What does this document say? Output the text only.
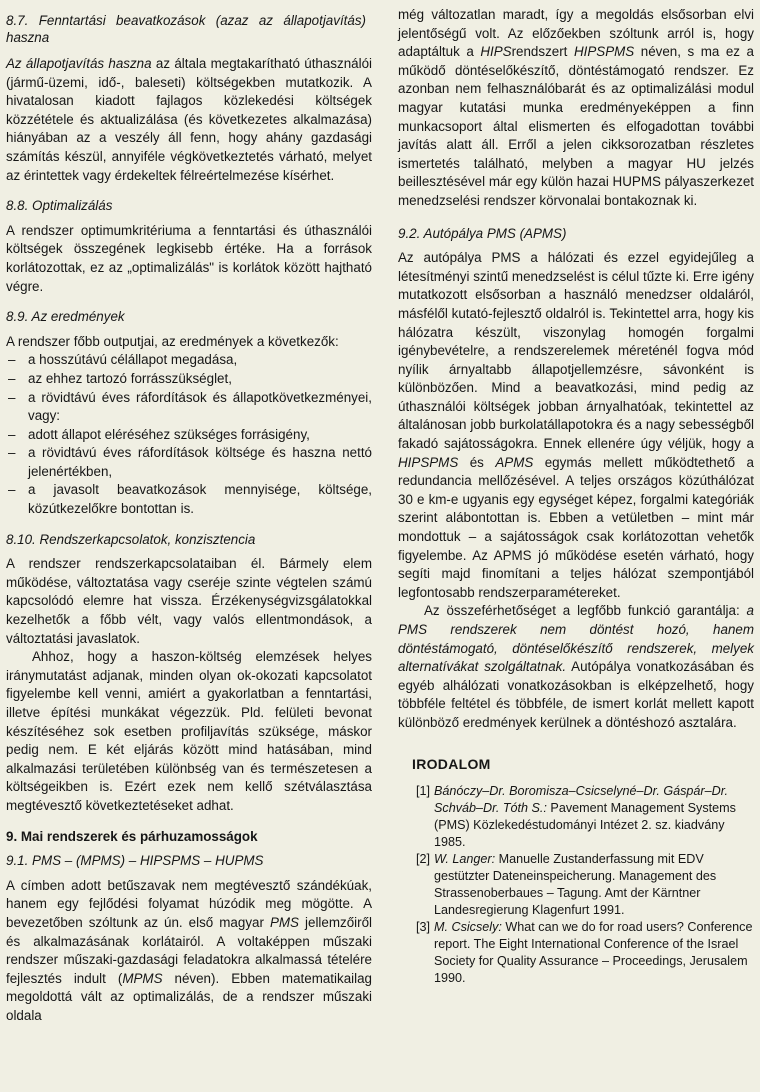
8.7. Fenntartási beavatkozások (azaz az állapotjavítás) haszna

Az állapotjavítás haszna az általa megtakarítható úthasználói (jármű-üzemi, idő-, baleseti) költségekben mutatkozik. A hivatalosan kiadott fajlagos közlekedési költségek közzététele és aktualizálása (és következetes alkalmazása) hiányában az a veszély áll fenn, hogy ahány gazdasági számítás készül, annyiféle végkövetkeztetés várható, melyet az érintettek vagy érdekeltek félreértelmezése kísérhet.

8.8. Optimalizálás

A rendszer optimumkritériuma a fenntartási és úthasználói költségek összegének legkisebb értéke. Ha a források korlátozottak, ez az „optimalizálás" is korlátok között hajtható végre.

8.9. Az eredmények

A rendszer főbb outputjai, az eredmények a következők:

– a hosszútávú célállapot megadása,
– az ehhez tartozó forrásszükséglet,
– a rövidtávú éves ráfordítások és állapotkövetkezményei, vagy:
– adott állapot eléréséhez szükséges forrásigény,
– a rövidtávú éves ráfordítások költsége és haszna nettó jelenértékben,
– a javasolt beavatkozások mennyisége, költsége, közútkezelőkre bontottan is.

8.10. Rendszerkapcsolatok, konzisztencia

A rendszer rendszerkapcsolataiban él. Bármely elem működése, változtatása vagy cseréje szinte végtelen számú kapcsolódó elemre hat vissza. Érzékenységvizsgálatokkal kezelhetők a főbb vélt, vagy valós ellentmondások, a változtatási javaslatok.

Ahhoz, hogy a haszon-költség elemzések helyes iránymutatást adjanak, minden olyan ok-okozati kapcsolatot figyelembe kell venni, amiért a gyakorlatban a fenntartási, illetve építési munkákat végezzük. Pld. felületi bevonat készítéséhez sok esetben profiljavítás szüksége, máskor pedig nem. E két eljárás között mind hatásában, mind alkalmazási területében különbség van és természetesen a költségeikben is. Ezért ezek nem kellő szétválasztása megtévesztő következtetéseket adhat.

9. Mai rendszerek és párhuzamosságok

9.1. PMS – (MPMS) – HIPSPMS – HUPMS

A címben adott betűszavak nem megtévesztő szándékúak, hanem egy fejlődési folyamat húzódik meg mögötte. A bevezetőben szóltunk az ún. első magyar PMS jellemzőiről és alkalmazásának korlátairól. A voltaképpen műszaki rendszer műszaki-gazdasági feladatokra alkalmassá tételére fejlesztés indult (MPMS néven). Ebben matematikailag megoldottá vált az optimalizálás, de a rendszer műszaki oldala

még változatlan maradt, így a megoldás elsősorban elvi jelentőségű volt. Az előzőekben szóltunk arról is, hogy adaptáltuk a HIPSrendszert HIPSPMS néven, s ma ez a működő döntéselőkészítő, döntéstámogató rendszer. Ez azonban nem felhasználóbarát és az optimalizálási modul magyar kutatási munka eredményeképpen a finn munkacsoport által elismerten és elfogadottan további javítás alatt áll. Erről a jelen cikksorozatban részletes ismertetés található, melyben a magyar HU jelzés beillesztésével már egy külön hazai HUPMS pályaszerkezet menedzselési rendszer körvonalai bontakoznak ki.

9.2. Autópálya PMS (APMS)

Az autópálya PMS a hálózati és ezzel egyidejűleg a létesítményi szintű menedzselést is célul tűzte ki. Erre igény mutatkozott elsősorban a használó menedzser oldaláról, másfélől kutató-fejlesztő oldalról is. Tekintettel arra, hogy kis hálózatra készült, viszonylag homogén forgalmi igénybevételre, a rendszerelemek méreténél fogva mód nyílik árnyaltabb állapotjellemzésre, sávonként is különbözően. Mind a beavatkozási, mind pedig az úthasználói költségek jobban árnyalhatóak, tekintettel az általánosan jobb burkolatállapotokra és a nagy sebességből fakadó sajátosságokra. Ennek ellenére úgy véljük, hogy a HIPSPMS és APMS egymás mellett működtethető a redundancia mellőzésével. A teljes országos közúthálózat 30 e km-e ugyanis egy egységet képez, forgalmi kategóriák szerint alábontottan is. Ebben a vetületben – mint már mondottuk – a sajátosságok csak korlátozottan vehetők figyelembe. Az APMS jó működése esetén várható, hogy segíti majd finomítani a teljes hálózat szempontjából legfontosabb rendszerparamétereket.

Az összeférhetőséget a legfőbb funkció garantálja: a PMS rendszerek nem döntést hozó, hanem döntéstámogató, döntéselőkészítő rendszerek, melyek alternatívákat szolgáltatnak. Autópálya vonatkozásában és egyéb alhálózati vonatkozásokban is elképzelhető, hogy többféle feltétel és többféle, de ismert korlát mellett kapott különböző eredmények kerülnek a döntéshozó asztalára.

IRODALOM

[1] Bánóczy–Dr. Boromisza–Csicselyné–Dr. Gáspár–Dr. Schváb–Dr. Tóth S.: Pavement Management Systems (PMS) Közlekedéstudományi Intézet 2. sz. kiadvány 1985.
[2] W. Langer: Manuelle Zustanderfassung mit EDV gestützter Dateneinspeicherung. Management des Strassenoberbaues – Tagung. Amt der Kärntner Landesregierung Klagenfurt 1991.
[3] M. Csicsely: What can we do for road users? Conference report. The Eight International Conference of the Israel Society for Quality Assurance – Proceedings, Jerusalem 1990.
